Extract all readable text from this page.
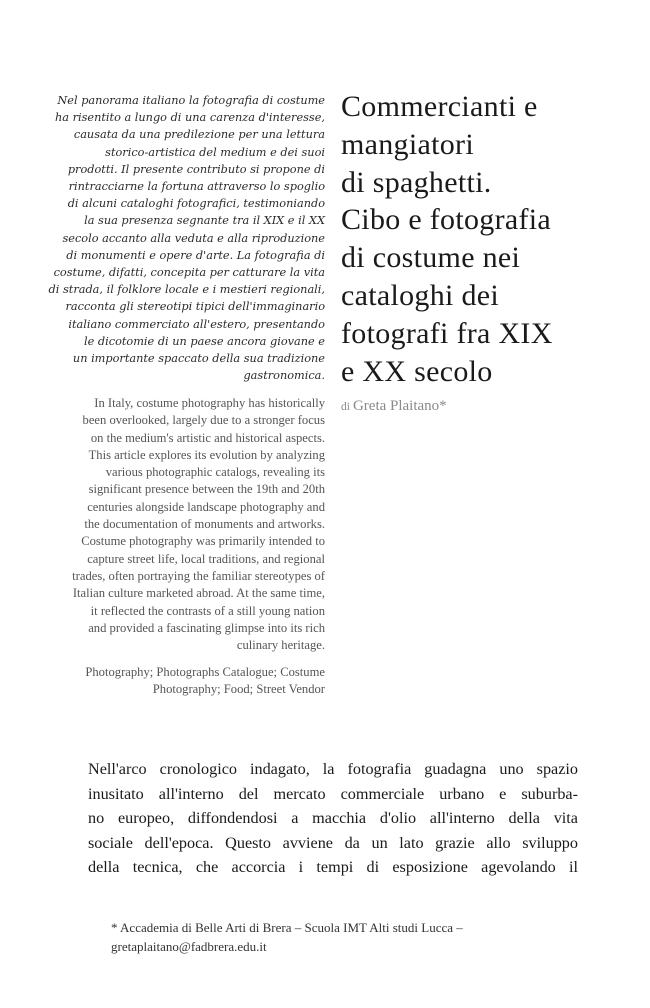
Nel panorama italiano la fotografia di costume
ha risentito a lungo di una carenza d'interesse,
causata da una predilezione per una lettura
storico-artistica del medium e dei suoi
prodotti. Il presente contributo si propone di
rintracciarne la fortuna attraverso lo spoglio
di alcuni cataloghi fotografici, testimoniando
la sua presenza segnante tra il XIX e il XX
secolo accanto alla veduta e alla riproduzione
di monumenti e opere d'arte. La fotografia di
costume, difatti, concepita per catturare la vita
di strada, il folklore locale e i mestieri regionali,
racconta gli stereotipi tipici dell'immaginario
italiano commerciato all'estero, presentando
le dicotomie di un paese ancora giovane e
un importante spaccato della sua tradizione
gastronomica.
Commercianti e
mangiatori
di spaghetti.
Cibo e fotografia
di costume nei
cataloghi dei
fotografi fra XIX
e XX secolo
di Greta Plaitano*
In Italy, costume photography has historically
been overlooked, largely due to a stronger focus
on the medium's artistic and historical aspects.
This article explores its evolution by analyzing
various photographic catalogs, revealing its
significant presence between the 19th and 20th
centuries alongside landscape photography and
the documentation of monuments and artworks.
Costume photography was primarily intended to
capture street life, local traditions, and regional
trades, often portraying the familiar stereotypes of
Italian culture marketed abroad. At the same time,
it reflected the contrasts of a still young nation
and provided a fascinating glimpse into its rich
culinary heritage.
Photography; Photographs Catalogue; Costume
Photography; Food; Street Vendor
Nell'arco cronologico indagato, la fotografia guadagna uno spazio
inusitato all'interno del mercato commerciale urbano e suburba-
no europeo, diffondendosi a macchia d'olio all'interno della vita
sociale dell'epoca. Questo avviene da un lato grazie allo sviluppo
della tecnica, che accorcia i tempi di esposizione agevolando il
* Accademia di Belle Arti di Brera – Scuola IMT Alti studi Lucca –
gretaplaitano@fadbrera.edu.it
